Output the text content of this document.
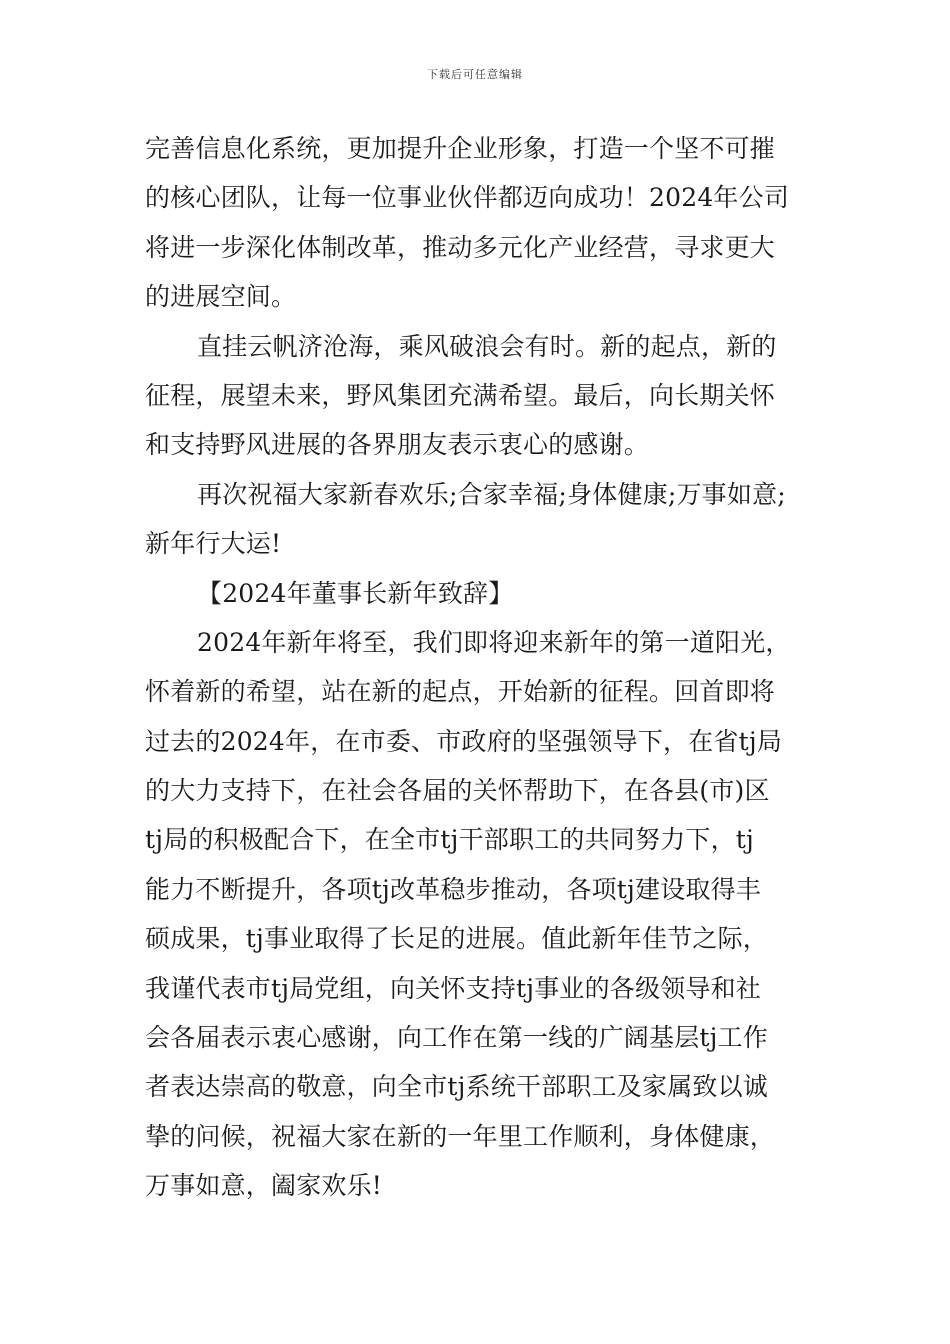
下载后可任意编辑
完善信息化系统，更加提升企业形象，打造一个坚不可摧
的核心团队，让每一位事业伙伴都迈向成功！2024年公司
将进一步深化体制改革，推动多元化产业经营，寻求更大
的进展空间。
直挂云帆济沧海，乘风破浪会有时。新的起点，新的
征程，展望未来，野风集团充满希望。最后，向长期关怀
和支持野风进展的各界朋友表示衷心的感谢。
再次祝福大家新春欢乐;合家幸福;身体健康;万事如意;
新年行大运!
【2024年董事长新年致辞】
2024年新年将至，我们即将迎来新年的第一道阳光，
怀着新的希望，站在新的起点，开始新的征程。回首即将
过去的2024年，在市委、市政府的坚强领导下，在省tj局
的大力支持下，在社会各届的关怀帮助下，在各县(市)区
tj局的积极配合下，在全市tj干部职工的共同努力下，tj
能力不断提升，各项tj改革稳步推动，各项tj建设取得丰
硕成果，tj事业取得了长足的进展。值此新年佳节之际，
我谨代表市tj局党组，向关怀支持tj事业的各级领导和社
会各届表示衷心感谢，向工作在第一线的广阔基层tj工作
者表达崇高的敬意，向全市tj系统干部职工及家属致以诚
挚的问候，祝福大家在新的一年里工作顺利，身体健康，
万事如意，阖家欢乐!
